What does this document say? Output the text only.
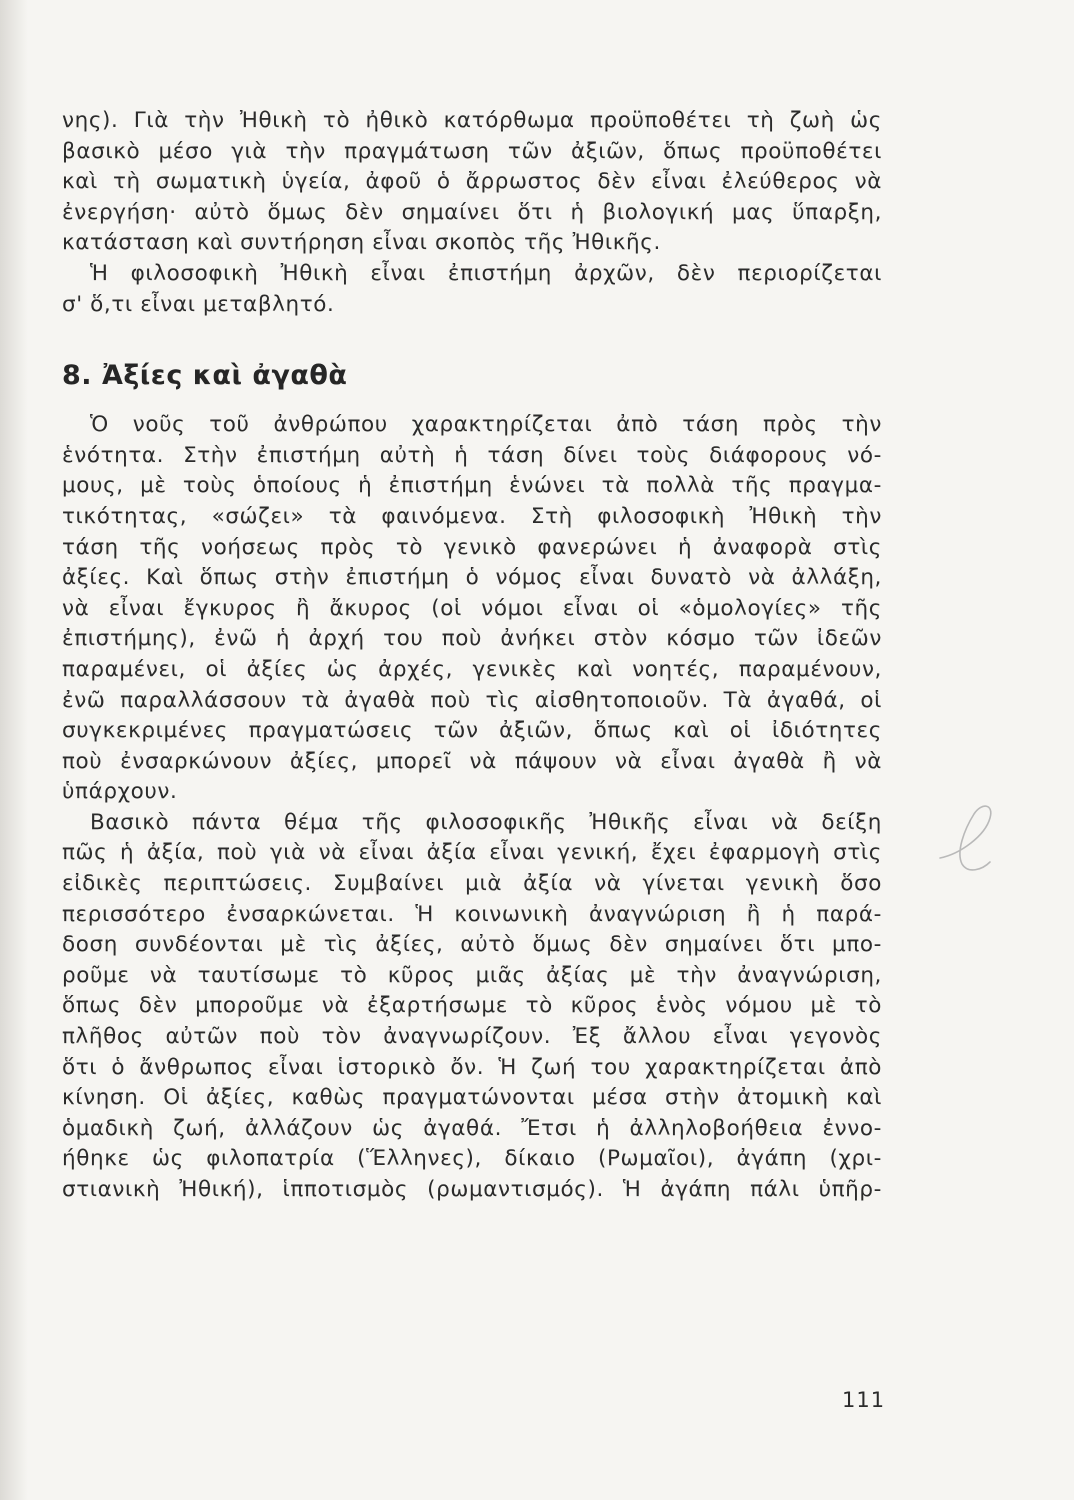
νης). Γιὰ τὴν Ἠθικὴ τὸ ἠθικὸ κατόρθωμα προϋποθέτει τὴ ζωὴ ὡς
βασικὸ μέσο γιὰ τὴν πραγμάτωση τῶν ἀξιῶν, ὅπως προϋποθέτει
καὶ τὴ σωματικὴ ὑγεία, ἀφοῦ ὁ ἄρρωστος δὲν εἶναι ἐλεύθερος νὰ
ἐνεργήση· αὐτὸ ὅμως δὲν σημαίνει ὅτι ἡ βιολογική μας ὕπαρξη,
κατάσταση καὶ συντήρηση εἶναι σκοπὸς τῆς Ἠθικῆς.
Ἡ φιλοσοφικὴ Ἠθικὴ εἶναι ἐπιστήμη ἀρχῶν, δὲν περιορίζεται
σ' ὅ,τι εἶναι μεταβλητό.
8. Ἀξίες καὶ ἀγαθὰ
Ὁ νοῦς τοῦ ἀνθρώπου χαρακτηρίζεται ἀπὸ τάση πρὸς τὴν
ἑνότητα. Στὴν ἐπιστήμη αὐτὴ ἡ τάση δίνει τοὺς διάφορους νό-
μους, μὲ τοὺς ὁποίους ἡ ἐπιστήμη ἑνώνει τὰ πολλὰ τῆς πραγμα-
τικότητας, «σώζει» τὰ φαινόμενα. Στὴ φιλοσοφικὴ Ἠθικὴ τὴν
τάση τῆς νοήσεως πρὸς τὸ γενικὸ φανερώνει ἡ ἀναφορὰ στὶς
ἀξίες. Καὶ ὅπως στὴν ἐπιστήμη ὁ νόμος εἶναι δυνατὸ νὰ ἀλλάξη,
νὰ εἶναι ἔγκυρος ἢ ἄκυρος (οἱ νόμοι εἶναι οἱ «ὁμολογίες» τῆς
ἐπιστήμης), ἐνῶ ἡ ἀρχή του ποὺ ἀνήκει στὸν κόσμο τῶν ἰδεῶν
παραμένει, οἱ ἀξίες ὡς ἀρχές, γενικὲς καὶ νοητές, παραμένουν,
ἐνῶ παραλλάσσουν τὰ ἀγαθὰ ποὺ τὶς αἰσθητοποιοῦν. Τὰ ἀγαθά, οἱ
συγκεκριμένες πραγματώσεις τῶν ἀξιῶν, ὅπως καὶ οἱ ἰδιότητες
ποὺ ἐνσαρκώνουν ἀξίες, μπορεῖ νὰ πάψουν νὰ εἶναι ἀγαθὰ ἢ νὰ
ὑπάρχουν.
Βασικὸ πάντα θέμα τῆς φιλοσοφικῆς Ἠθικῆς εἶναι νὰ δείξη
πῶς ἡ ἀξία, ποὺ γιὰ νὰ εἶναι ἀξία εἶναι γενική, ἔχει ἐφαρμογὴ στὶς
εἰδικὲς περιπτώσεις. Συμβαίνει μιὰ ἀξία νὰ γίνεται γενικὴ ὅσο
περισσότερο ἐνσαρκώνεται. Ἡ κοινωνικὴ ἀναγνώριση ἢ ἡ παρά-
δοση συνδέονται μὲ τὶς ἀξίες, αὐτὸ ὅμως δὲν σημαίνει ὅτι μπο-
ροῦμε νὰ ταυτίσωμε τὸ κῦρος μιᾶς ἀξίας μὲ τὴν ἀναγνώριση,
ὅπως δὲν μποροῦμε νὰ ἐξαρτήσωμε τὸ κῦρος ἑνὸς νόμου μὲ τὸ
πλῆθος αὐτῶν ποὺ τὸν ἀναγνωρίζουν. Ἐξ ἄλλου εἶναι γεγονὸς
ὅτι ὁ ἄνθρωπος εἶναι ἱστορικὸ ὄν. Ἡ ζωή του χαρακτηρίζεται ἀπὸ
κίνηση. Οἱ ἀξίες, καθὼς πραγματώνονται μέσα στὴν ἀτομικὴ καὶ
ὁμαδικὴ ζωή, ἀλλάζουν ὡς ἀγαθά. Ἔτσι ἡ ἀλληλοβοήθεια ἐννο-
ήθηκε ὡς φιλοπατρία (Ἕλληνες), δίκαιο (Ρωμαῖοι), ἀγάπη (χρι-
στιανικὴ Ἠθική), ἱπποτισμὸς (ρωμαντισμός). Ἡ ἀγάπη πάλι ὑπῆρ-
111
